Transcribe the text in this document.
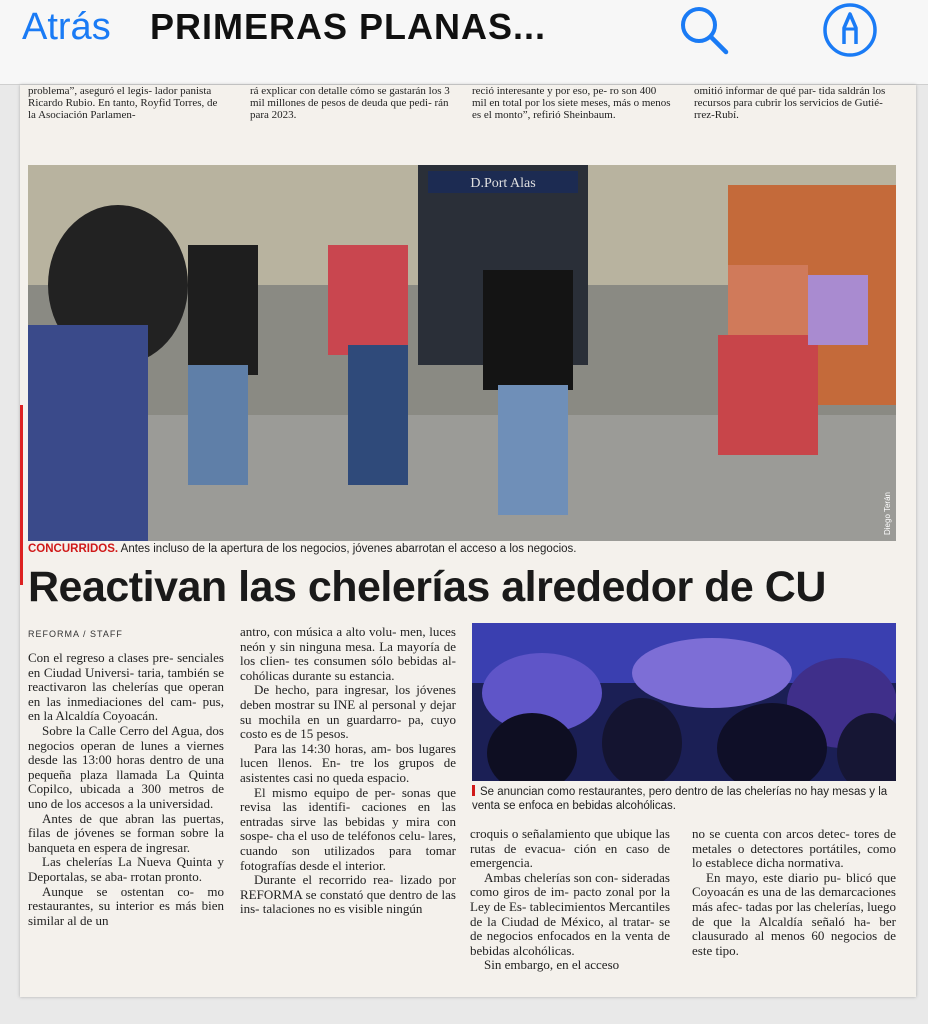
Atrás PRIMERAS PLANAS...
problema”, aseguró el legis- lador panista Ricardo Rubio. En tanto, Royfid Torres, de la Asociación Parlamen-
rá explicar con detalle cómo se gastarán los 3 mil millones de pesos de deuda que pedi- rán para 2023.
reció interesante y por eso, pe- ro son 400 mil en total por los siete meses, más o menos es el monto”, refirió Sheinbaum.
omitió informar de qué par- tida saldrán los recursos para cubrir los servicios de Gutié- rrez-Rubí.
D.Port Alas
Diego Terán
CONCURRIDOS. Antes incluso de la apertura de los negocios, jóvenes abarrotan el acceso a los negocios.
Reactivan las chelerías alrededor de CU
REFORMA / STAFF

Con el regreso a clases pre- senciales en Ciudad Universi- taria, también se reactivaron las chelerías que operan en las inmediaciones del cam- pus, en la Alcaldía Coyoacán.

Sobre la Calle Cerro del Agua, dos negocios operan de lunes a viernes desde las 13:00 horas dentro de una pequeña plaza llamada La Quinta Copilco, ubicada a 300 metros de uno de los accesos a la universidad.

Antes de que abran las puertas, filas de jóvenes se forman sobre la banqueta en espera de ingresar.

Las chelerías La Nueva Quinta y Deportalas, se aba- rrotan pronto.

Aunque se ostentan co- mo restaurantes, su interior es más bien similar al de un

antro, con música a alto volu- men, luces neón y sin ninguna mesa. La mayoría de los clien- tes consumen sólo bebidas al- cohólicas durante su estancia.

De hecho, para ingresar, los jóvenes deben mostrar su INE al personal y dejar su mochila en un guardarro- pa, cuyo costo es de 15 pesos.

Para las 14:30 horas, am- bos lugares lucen llenos. En- tre los grupos de asistentes casi no queda espacio.

El mismo equipo de per- sonas que revisa las identifi- caciones en las entradas sirve las bebidas y mira con sospe- cha el uso de teléfonos celu- lares, cuando son utilizados para tomar fotografías desde el interior.

Durante el recorrido rea- lizado por REFORMA se constató que dentro de las ins- talaciones no es visible ningún

Se anuncian como restaurantes, pero dentro de las chelerías no hay mesas y la venta se enfoca en bebidas alcohólicas.

croquis o señalamiento que ubique las rutas de evacua- ción en caso de emergencia.

Ambas chelerías son con- sideradas como giros de im- pacto zonal por la Ley de Es- tablecimientos Mercantiles de la Ciudad de México, al tratar- se de negocios enfocados en la venta de bebidas alcohólicas.

Sin embargo, en el acceso

no se cuenta con arcos detec- tores de metales o detectores portátiles, como lo establece dicha normativa.

En mayo, este diario pu- blicó que Coyoacán es una de las demarcaciones más afec- tadas por las chelerías, luego de que la Alcaldía señaló ha- ber clausurado al menos 60 negocios de este tipo.
